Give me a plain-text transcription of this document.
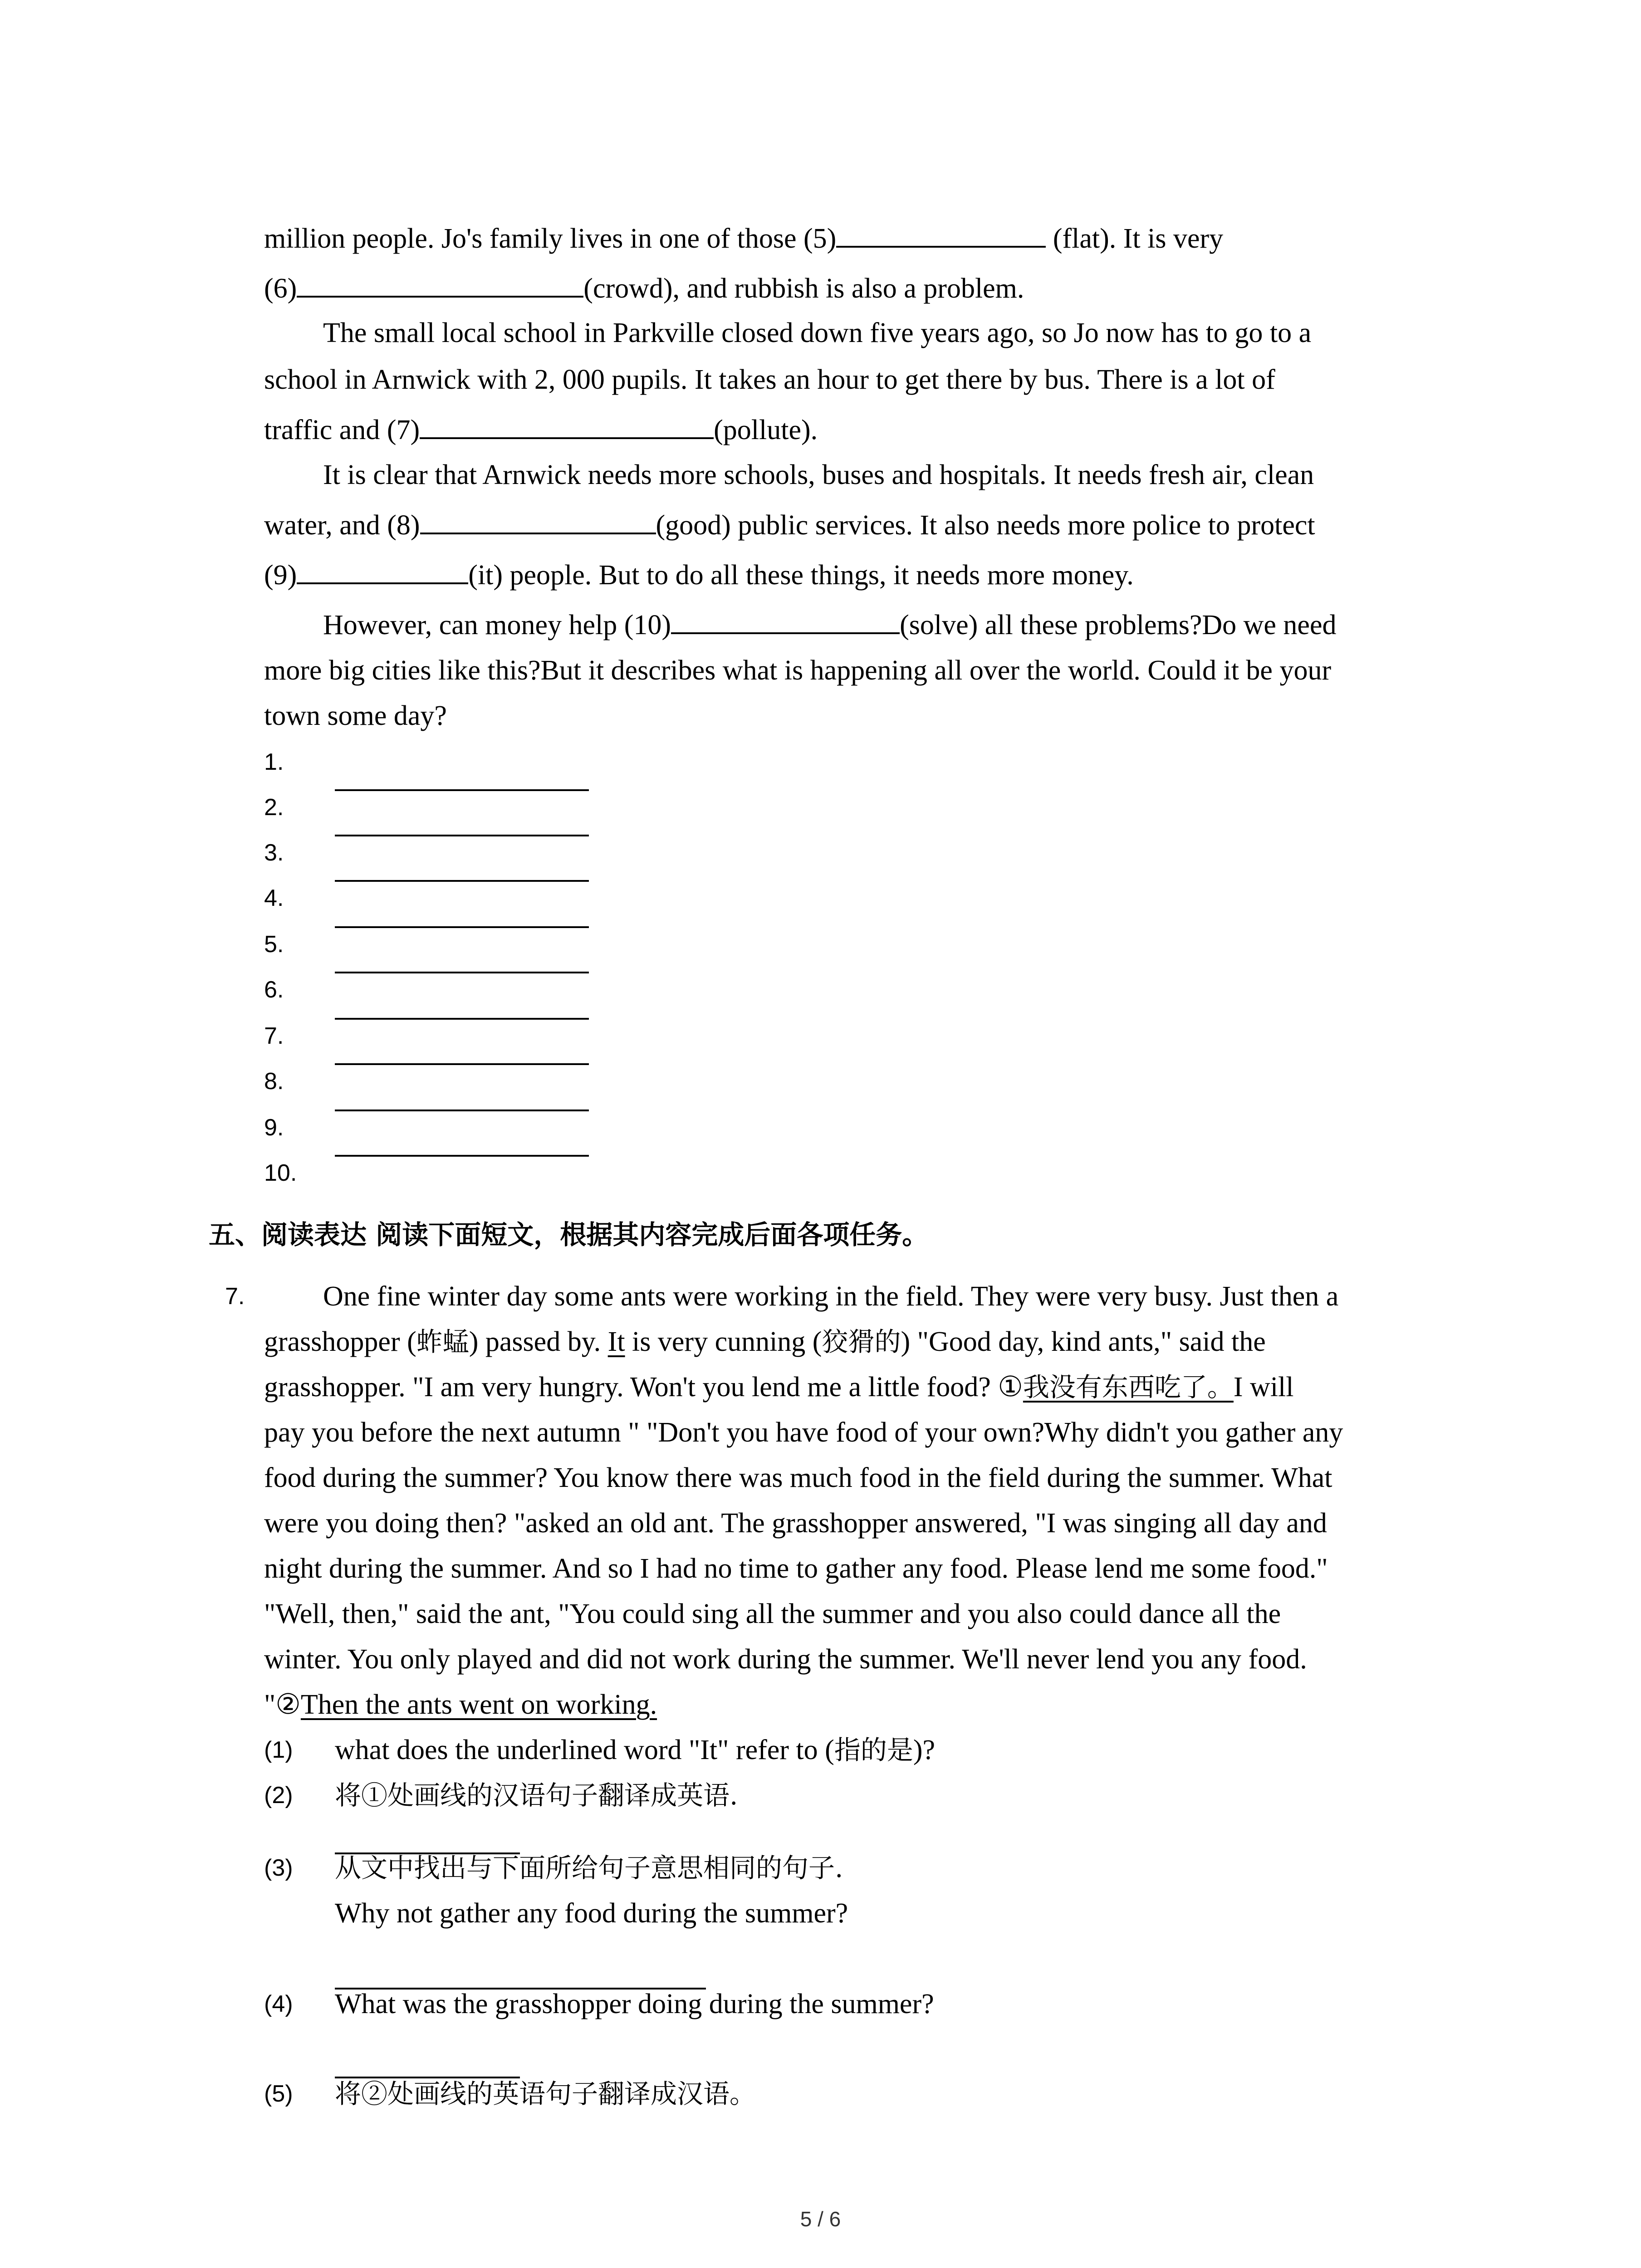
million people. Jo's family lives in one of those (5)	(flat). It is very
(6)	(crowd), and rubbish is also a problem.
The small local school in Parkville closed down five years ago, so Jo now has to go to a
school in Arnwick with 2, 000 pupils. It takes an hour to get there by bus. There is a lot of
traffic and (7)	(pollute).
It is clear that Arnwick needs more schools, buses and hospitals. It needs fresh air, clean
water, and (8)	(good) public services. It also needs more police to protect
(9)	(it) people. But to do all these things, it needs more money.
However, can money help (10)	(solve) all these problems?Do we need
more big cities like this?But it describes what is happening all over the world. Could it be your
town some day?
1.
2.
3.
4.
5.
6.
7.
8.
9.
10.
五、阅读表达 阅读下面短文，根据其内容完成后面各项任务。
7.	One fine winter day some ants were working in the field. They were very busy. Just then a
grasshopper (蚱蜢) passed by. It is very cunning (狡猾的) "Good day, kind ants," said the
grasshopper. "I am very hungry. Won't you lend me a little food? ①我没有东西吃了。I will
pay you before the next autumn " "Don't you have food of your own?Why didn't you gather any
food during the summer? You know there was much food in the field during the summer. What
were you doing then? "asked an old ant. The grasshopper answered, "I was singing all day and
night during the summer. And so I had no time to gather any food. Please lend me some food."
"Well, then," said the ant, "You could sing all the summer and you also could dance all the
winter. You only played and did not work during the summer. We'll never lend you any food.
"②Then the ants went on working.
(1) what does the underlined word "It" refer to (指的是)?
(2) 将①处画线的汉语句子翻译成英语.
(3) 从文中找出与下面所给句子意思相同的句子.
Why not gather any food during the summer?
(4) What was the grasshopper doing during the summer?
(5) 将②处画线的英语句子翻译成汉语。
5 / 6
